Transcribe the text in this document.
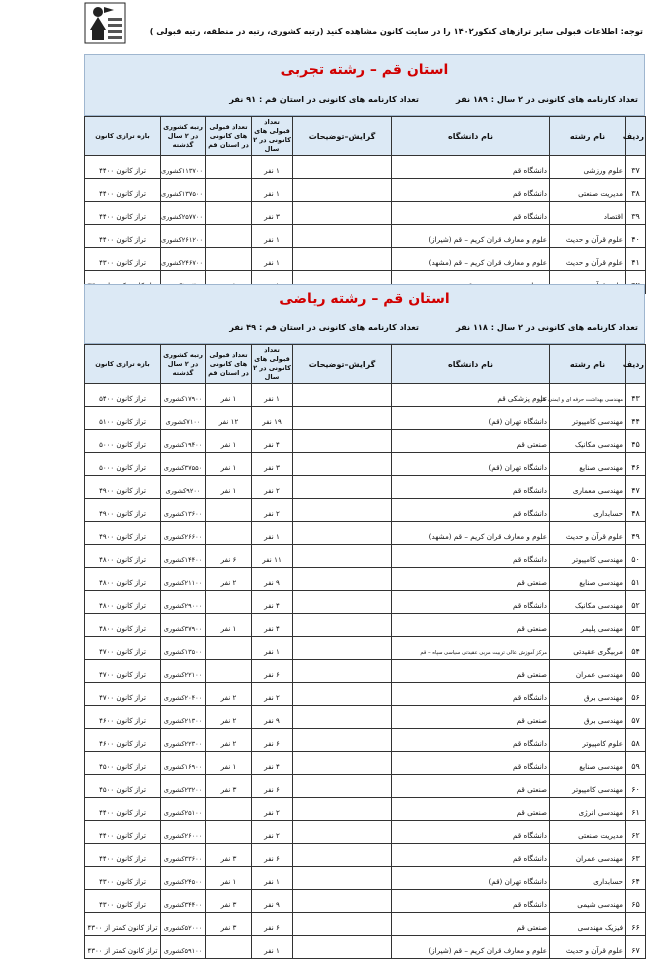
توجه: اطلاعات قبولی سایر ترازهای کنکور۱۴۰۲ را در سایت کانون مشاهده کنید (رتبه کشوری، رتبه در منطقه، رتبه قبولی )
استان قم – رشته تجربی
تعداد کارنامه های کانونی در ۲ سال : ۱۸۹ نفر
تعداد کارنامه های کانونی در استان قم : ۹۱ نفر
ردیف	نام رشته	نام دانشگاه	گرایش–توضیحات	تعداد قبولی های کانونی در ۲ سال	تعداد قبولی های کانونی در استان قم	رتبه کشوری در ۲ سال گذشته	بازه ترازی کانون
۳۷	علوم ورزشی	دانشگاه قم		۱ نفر		۱۱۳۷۰۰کشوری	تراز کانون ۴۴۰۰
۳۸	مدیریت صنعتی	دانشگاه قم		۱ نفر		۱۳۷۵۰۰کشوری	تراز کانون ۴۴۰۰
۳۹	اقتصاد	دانشگاه قم		۳ نفر		۲۵۷۷۰۰کشوری	تراز کانون ۴۴۰۰
۴۰	علوم قرآن و حدیث	علوم و معارف قران کریم – قم (شیراز)		۱ نفر		۲۶۱۲۰۰کشوری	تراز کانون ۴۴۰۰
۴۱	علوم قرآن و حدیث	علوم و معارف قران کریم – قم (مشهد)		۱ نفر		۲۴۶۷۰۰کشوری	تراز کانون ۴۳۰۰

استان قم – رشته ریاضی
تعداد کارنامه های کانونی در ۲ سال : ۱۱۸ نفر
تعداد کارنامه های کانونی در استان قم : ۴۹ نفر
ردیف	نام رشته	نام دانشگاه	گرایش–توضیحات	تعداد قبولی های کانونی در ۲ سال	تعداد قبولی های کانونی در استان قم	رتبه کشوری در ۲ سال گذشته	بازه ترازی کانون
۴۳	مهندسی بهداشت حرفه ای و ایمنی کار	علوم پزشکی قم		۱ نفر	۱ نفر	۱۷۹۰۰کشوری	تراز کانون ۵۴۰۰
۴۴	مهندسی کامپیوتر	دانشگاه تهران (قم)		۱۹ نفر	۱۲ نفر	۷۱۰۰کشوری	تراز کانون ۵۱۰۰
۴۵	مهندسی مکانیک	صنعتی قم		۴ نفر	۱ نفر	۱۹۴۰۰کشوری	تراز کانون ۵۰۰۰
۴۶	مهندسی صنایع	دانشگاه تهران (قم)		۳ نفر	۱ نفر	۳۷۵۵۰کشوری	تراز کانون ۵۰۰۰
۴۷	مهندسی معماری	دانشگاه قم		۲ نفر	۱ نفر	۹۲۰۰کشوری	تراز کانون ۴۹۰۰
۴۸	حسابداری	دانشگاه قم		۲ نفر		۱۳۶۰۰کشوری	تراز کانون ۴۹۰۰
۴۹	علوم قرآن و حدیث	علوم و معارف قران کریم – قم (مشهد)		۱ نفر		۲۶۶۰۰کشوری	تراز کانون ۴۹۰۰
۵۰	مهندسی کامپیوتر	دانشگاه قم		۱۱ نفر	۶ نفر	۱۴۴۰۰کشوری	تراز کانون ۴۸۰۰
۵۱	مهندسی صنایع	صنعتی قم		۹ نفر	۲ نفر	۲۱۱۰۰کشوری	تراز کانون ۴۸۰۰
۵۲	مهندسی مکانیک	دانشگاه قم		۴ نفر		۲۹۰۰۰کشوری	تراز کانون ۴۸۰۰
۵۳	مهندسی پلیمر	صنعتی قم		۴ نفر	۱ نفر	۳۷۹۰۰کشوری	تراز کانون ۴۸۰۰
۵۴	مربیگری عقیدتی	مرکز آموزش عالی تربیت مربی عقیدتی سیاسی سپاه – قم		۱ نفر		۱۳۵۰۰کشوری	تراز کانون ۴۷۰۰
۵۵	مهندسی عمران	صنعتی قم		۶ نفر		۲۲۱۰۰کشوری	تراز کانون ۴۷۰۰
۵۶	مهندسی برق	دانشگاه قم		۲ نفر	۲ نفر	۲۰۴۰۰کشوری	تراز کانون ۴۷۰۰
۵۷	مهندسی برق	صنعتی قم		۹ نفر	۲ نفر	۲۱۳۰۰کشوری	تراز کانون ۴۶۰۰
۵۸	علوم کامپیوتر	دانشگاه قم		۶ نفر	۲ نفر	۲۲۳۰۰کشوری	تراز کانون ۴۶۰۰
۵۹	مهندسی صنایع	دانشگاه قم		۴ نفر	۱ نفر	۱۶۹۰۰کشوری	تراز کانون ۴۵۰۰
۶۰	مهندسی کامپیوتر	صنعتی قم		۶ نفر	۳ نفر	۲۳۲۰۰کشوری	تراز کانون ۴۵۰۰
۶۱	مهندسی انرژی	صنعتی قم		۲ نفر		۲۵۱۰۰کشوری	تراز کانون ۴۴۰۰
۶۲	مدیریت صنعتی	دانشگاه قم		۲ نفر		۲۶۰۰۰کشوری	تراز کانون ۴۴۰۰
۶۳	مهندسی عمران	دانشگاه قم		۶ نفر	۳ نفر	۳۳۶۰۰کشوری	تراز کانون ۴۴۰۰
۶۴	حسابداری	دانشگاه تهران (قم)		۱ نفر	۱ نفر	۲۴۵۰۰کشوری	تراز کانون ۴۳۰۰
۶۵	مهندسی شیمی	دانشگاه قم		۹ نفر	۳ نفر	۳۴۴۰۰کشوری	تراز کانون ۴۳۰۰
۶۶	فیزیک مهندسی	صنعتی قم		۶ نفر	۳ نفر	۵۲۰۰۰کشوری	تراز کانون کمتر از ۴۳۰۰
۶۷	علوم قرآن و حدیث	علوم و معارف قران کریم – قم (شیراز)		۱ نفر		۵۹۱۰۰کشوری	تراز کانون کمتر از ۴۳۰۰
